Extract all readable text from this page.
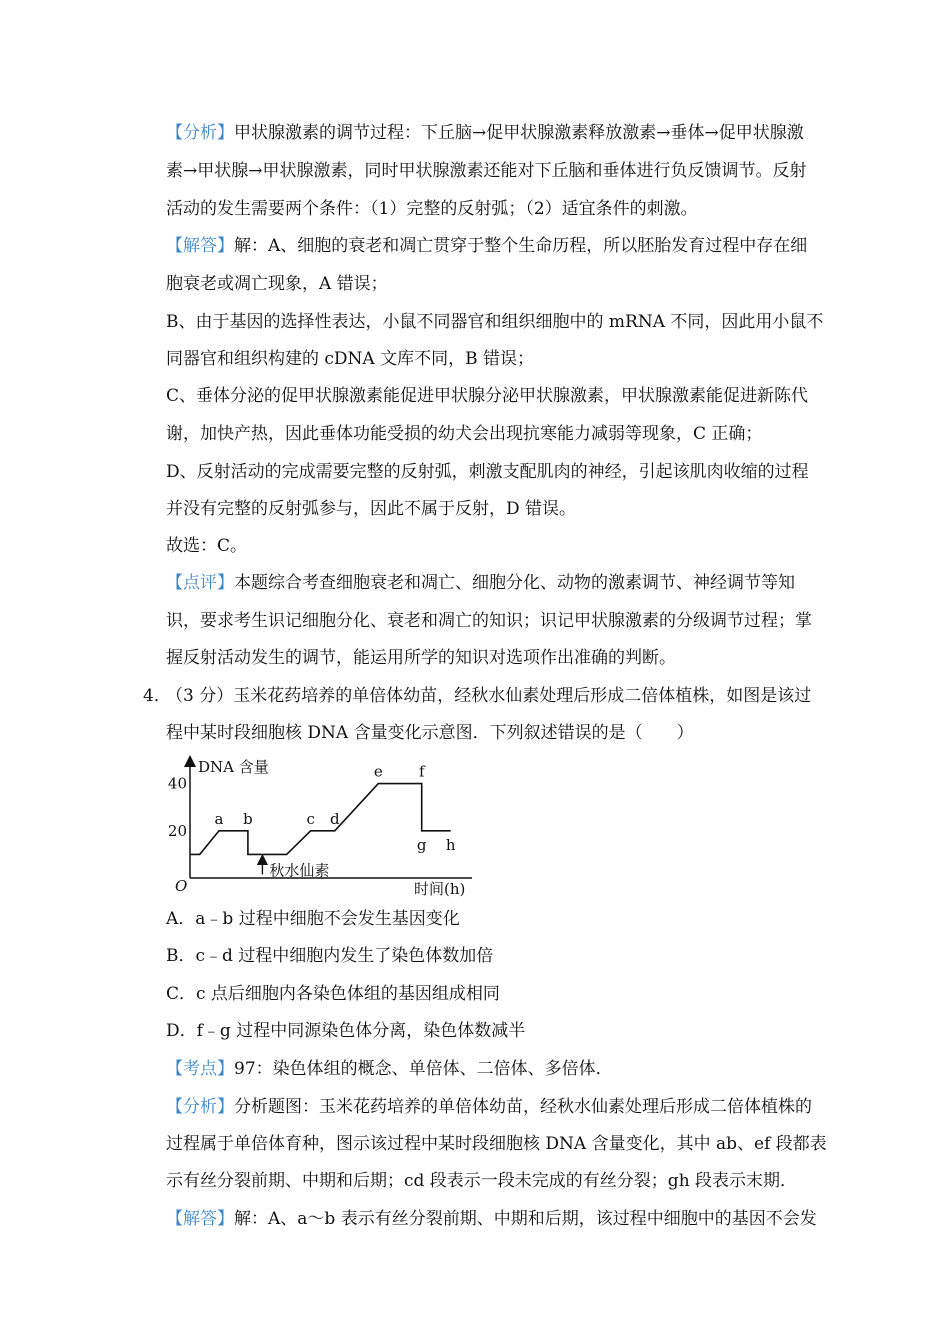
【分析】甲状腺激素的调节过程：下丘脑→促甲状腺激素释放激素→垂体→促甲状腺激
素→甲状腺→甲状腺激素，同时甲状腺激素还能对下丘脑和垂体进行负反馈调节。反射
活动的发生需要两个条件：（1）完整的反射弧；（2）适宜条件的刺激。
【解答】解：A、细胞的衰老和凋亡贯穿于整个生命历程，所以胚胎发育过程中存在细
胞衰老或凋亡现象，A 错误；
B、由于基因的选择性表达，小鼠不同器官和组织细胞中的 mRNA 不同，因此用小鼠不
同器官和组织构建的 cDNA 文库不同，B 错误；
C、垂体分泌的促甲状腺激素能促进甲状腺分泌甲状腺激素，甲状腺激素能促进新陈代
谢，加快产热，因此垂体功能受损的幼犬会出现抗寒能力减弱等现象，C 正确；
D、反射活动的完成需要完整的反射弧，刺激支配肌肉的神经，引起该肌肉收缩的过程
并没有完整的反射弧参与，因此不属于反射，D 错误。
故选：C。
【点评】本题综合考查细胞衰老和凋亡、细胞分化、动物的激素调节、神经调节等知
识，要求考生识记细胞分化、衰老和凋亡的知识；识记甲状腺激素的分级调节过程；掌
握反射活动发生的调节，能运用所学的知识对选项作出准确的判断。
4．
（3 分）玉米花药培养的单倍体幼苗，经秋水仙素处理后形成二倍体植株，如图是该过
程中某时段细胞核 DNA 含量变化示意图．下列叙述错误的是（　　）
DNA 含量
时间(h)
O
40
20
a b	c d
e f
g h
秋水仙素
A．a﹣b 过程中细胞不会发生基因变化
B．c﹣d 过程中细胞内发生了染色体数加倍
C．c 点后细胞内各染色体组的基因组成相同
D．f﹣g 过程中同源染色体分离，染色体数减半
【考点】97：染色体组的概念、单倍体、二倍体、多倍体．
【分析】分析题图：玉米花药培养的单倍体幼苗，经秋水仙素处理后形成二倍体植株的
过程属于单倍体育种，图示该过程中某时段细胞核 DNA 含量变化，其中 ab、ef 段都表
示有丝分裂前期、中期和后期；cd 段表示一段未完成的有丝分裂；gh 段表示末期．
【解答】解：A、a～b 表示有丝分裂前期、中期和后期，该过程中细胞中的基因不会发
